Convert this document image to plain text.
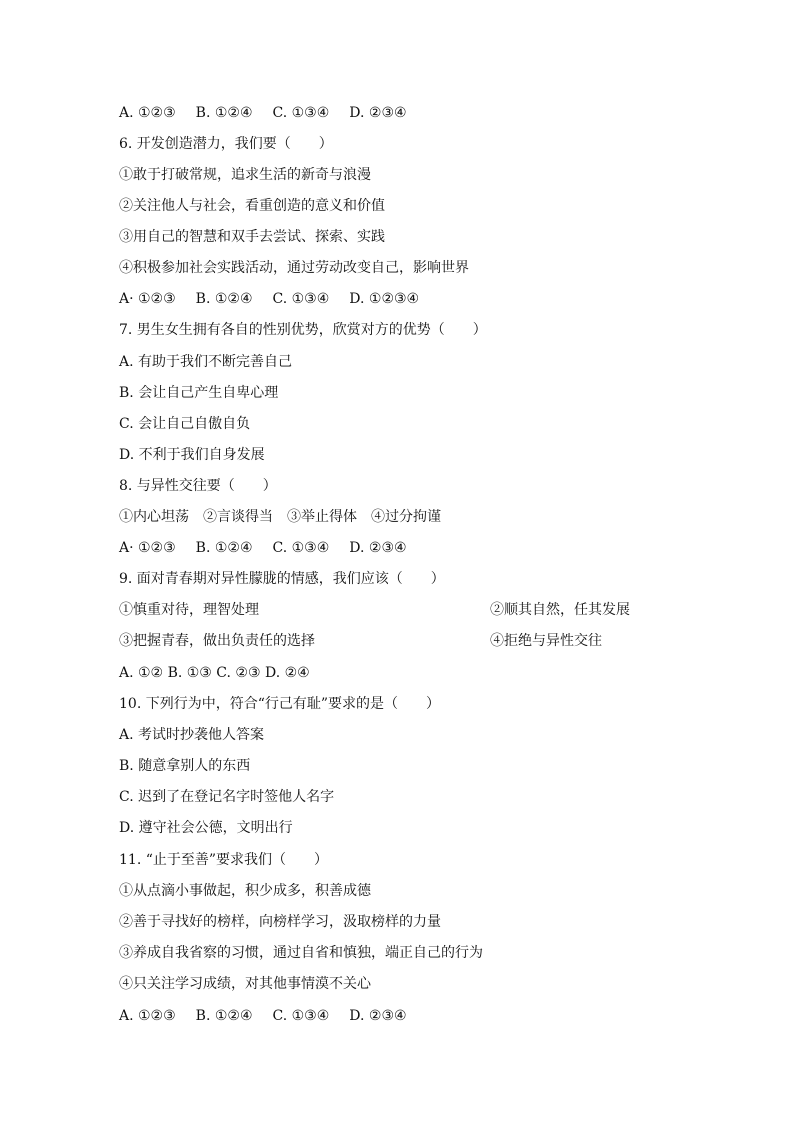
A. ①②③ B. ①②④ C. ①③④ D. ②③④
6. 开发创造潜力，我们要（　　）
①敢于打破常规，追求生活的新奇与浪漫
②关注他人与社会，看重创造的意义和价值
③用自己的智慧和双手去尝试、探索、实践
④积极参加社会实践活动，通过劳动改变自己，影响世界
A· ①②③ B. ①②④ C. ①③④ D. ①②③④
7. 男生女生拥有各自的性别优势，欣赏对方的优势（　　）
A. 有助于我们不断完善自己
B. 会让自己产生自卑心理
C. 会让自己自傲自负
D. 不利于我们自身发展
8. 与异性交往要（　　）
①内心坦荡 ②言谈得当 ③举止得体 ④过分拘谨
A· ①②③ B. ①②④ C. ①③④ D. ②③④
9. 面对青春期对异性朦胧的情感，我们应该（　　）
①慎重对待，理智处理	②顺其自然，任其发展
③把握青春，做出负责任的选择	④拒绝与异性交往
A. ①② B. ①③ C. ②③ D. ②④
10. 下列行为中，符合“行己有耻”要求的是（　　）
A. 考试时抄袭他人答案
B. 随意拿别人的东西
C. 迟到了在登记名字时签他人名字
D. 遵守社会公德，文明出行
11. “止于至善”要求我们（　　）
①从点滴小事做起，积少成多，积善成德
②善于寻找好的榜样，向榜样学习，汲取榜样的力量
③养成自我省察的习惯，通过自省和慎独，端正自己的行为
④只关注学习成绩，对其他事情漠不关心
A. ①②③ B. ①②④ C. ①③④ D. ②③④
